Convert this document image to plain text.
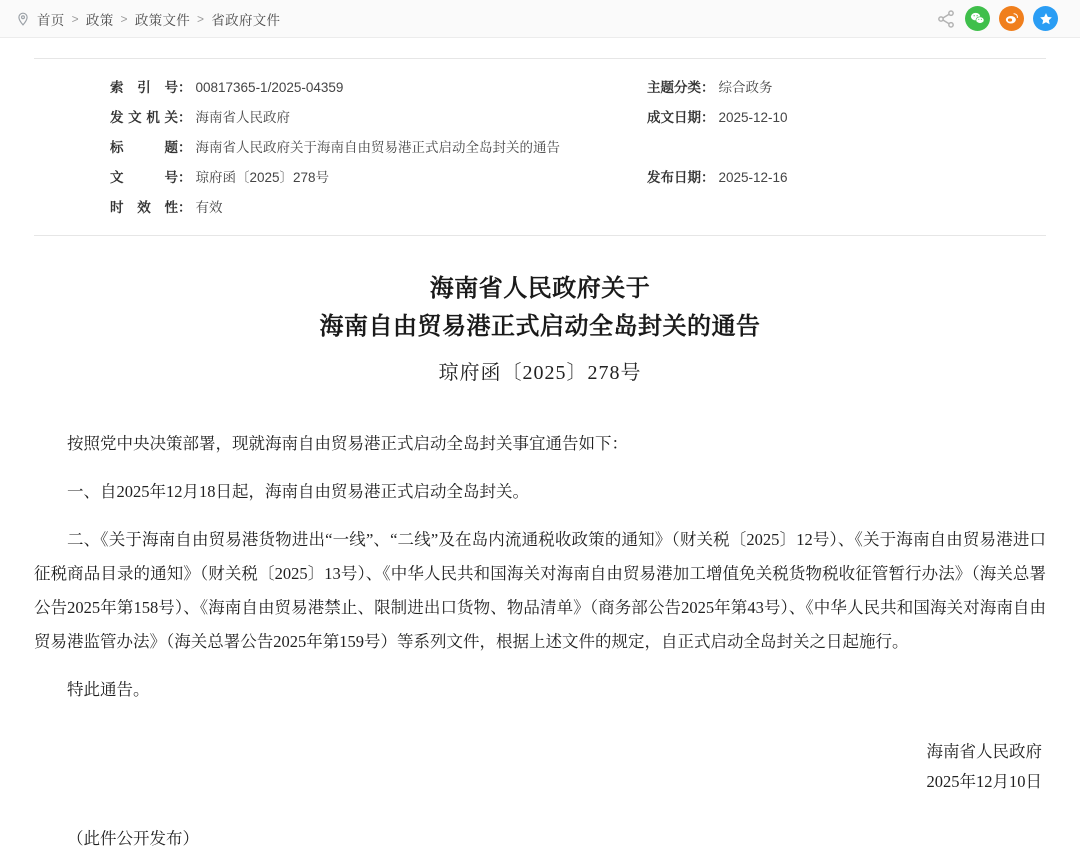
首页 > 政策 > 政策文件 > 省政府文件
索引号 ： 00817365-1/2025-04359	主题分类： 综合政务
发文机关 ： 海南省人民政府	成文日期： 2025-12-10
标题 ： 海南省人民政府关于海南自由贸易港正式启动全岛封关的通告
文号 ： 琼府函〔2025〕278号	发布日期： 2025-12-16
时效性 ： 有效
海南省人民政府关于
海南自由贸易港正式启动全岛封关的通告
琼府函〔2025〕278号

按照党中央决策部署，现就海南自由贸易港正式启动全岛封关事宜通告如下：

一、自2025年12月18日起，海南自由贸易港正式启动全岛封关。

二、《关于海南自由贸易港货物进出“一线”、“二线”及在岛内流通税收政策的通知》（财关税〔2025〕12号）、《关于海南自由贸易港进口征税商品目录的通知》（财关税〔2025〕13号）、《中华人民共和国海关对海南自由贸易港加工增值免关税货物税收征管暂行办法》（海关总署公告2025年第158号）、《海南自由贸易港禁止、限制进出口货物、物品清单》（商务部公告2025年第43号）、《中华人民共和国海关对海南自由贸易港监管办法》（海关总署公告2025年第159号）等系列文件，根据上述文件的规定，自正式启动全岛封关之日起施行。

特此通告。

海南省人民政府
2025年12月10日
（此件公开发布）
